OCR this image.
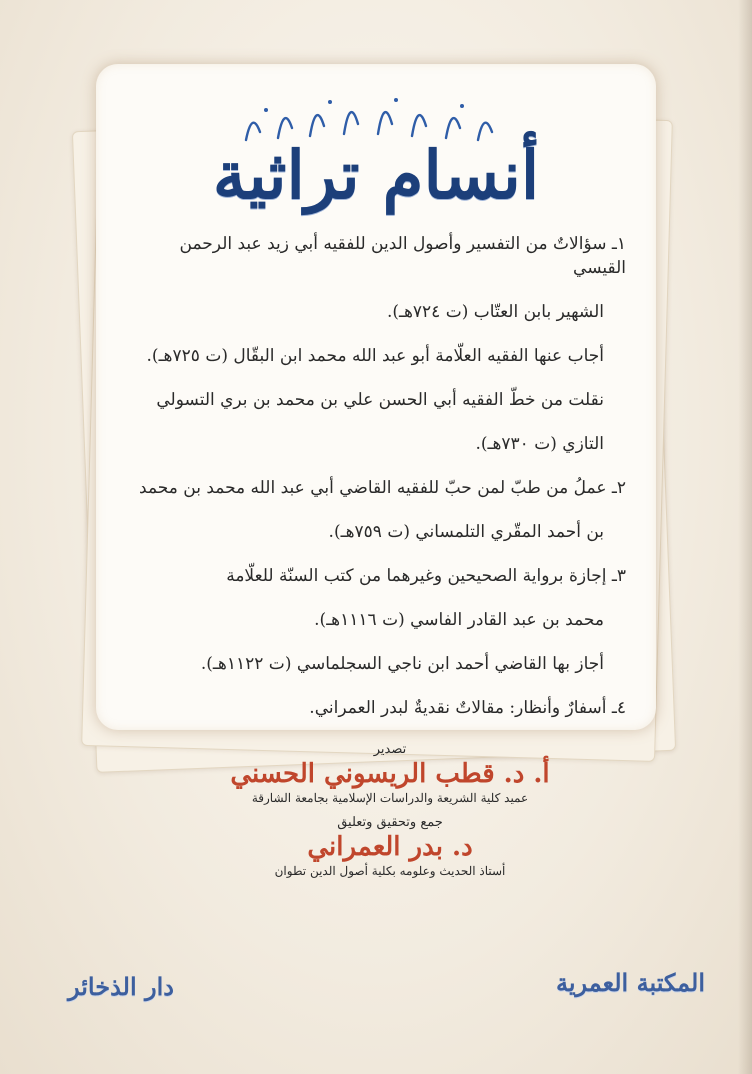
أنسام تراثية
١ـ سؤالاتٌ من التفسير وأصول الدين للفقيه أبي زيد عبد الرحمن القيسي
الشهير بابن العتّاب (ت ٧٢٤هـ).
أجاب عنها الفقيه العلّامة أبو عبد الله محمد ابن البقّال (ت ٧٢٥هـ).
نقلت من خطّ الفقيه أبي الحسن علي بن محمد بن بري التسولي
التازي (ت ٧٣٠هـ).
٢ـ عملُ من طبّ لمن حبّ للفقيه القاضي أبي عبد الله محمد بن محمد
بن أحمد المقّري التلمساني (ت ٧٥٩هـ).
٣ـ إجازة برواية الصحيحين وغيرهما من كتب السنّة للعلّامة
محمد بن عبد القادر الفاسي (ت ١١١٦هـ).
أجاز بها القاضي أحمد ابن ناجي السجلماسي (ت ١١٢٢هـ).
٤ـ أسفارٌ وأنظار: مقالاتٌ نقديةٌ لبدر العمراني.
تصدير
أ. د. قطب الريسوني الحسني
عميد كلية الشريعة والدراسات الإسلامية بجامعة الشارقة
جمع وتحقيق وتعليق
د. بدر العمراني
أستاذ الحديث وعلومه بكلية أصول الدين تطوان
دار الذخائر	المكتبة العمرية
